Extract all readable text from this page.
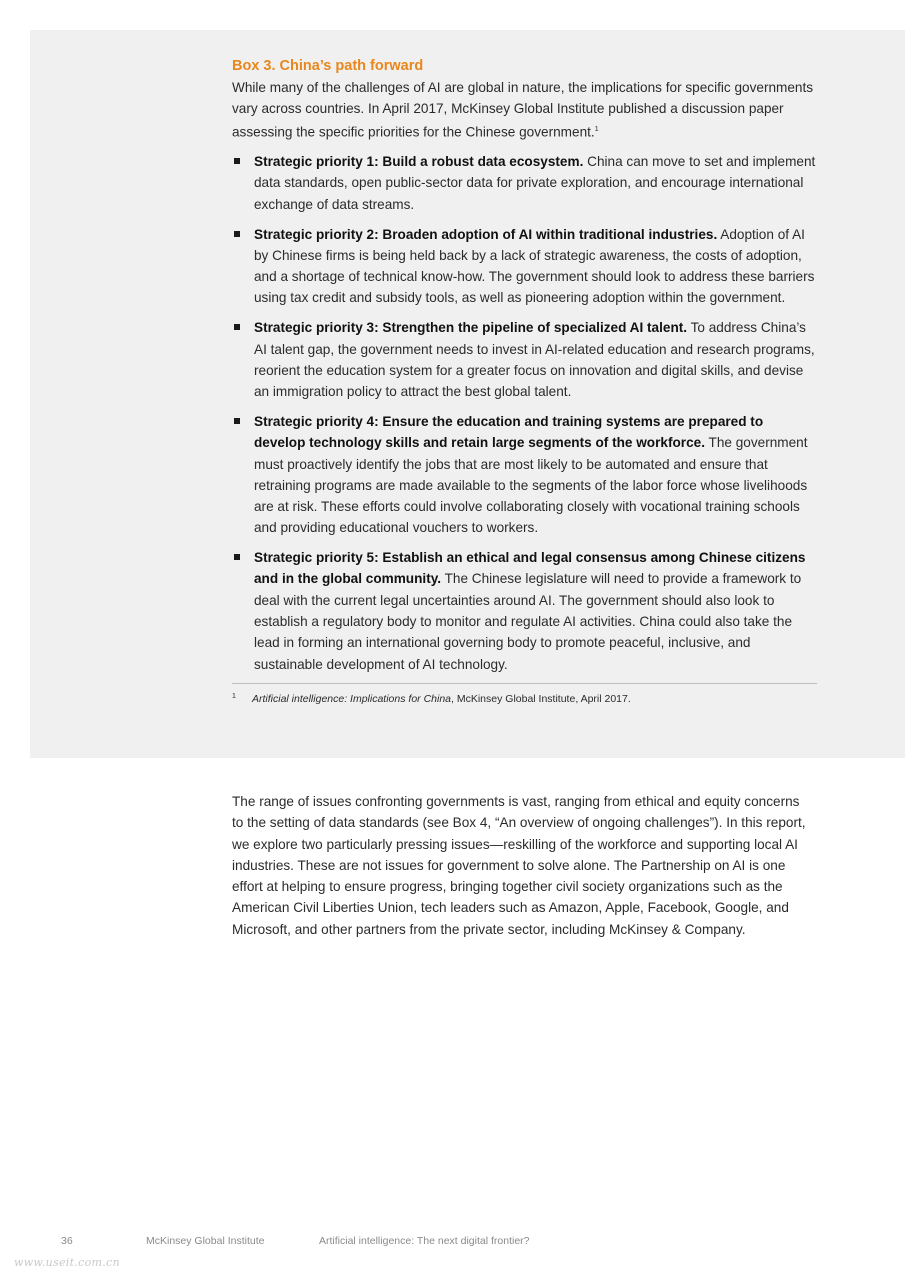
Box 3. China’s path forward

While many of the challenges of AI are global in nature, the implications for specific governments vary across countries. In April 2017, McKinsey Global Institute published a discussion paper assessing the specific priorities for the Chinese government.$^1$

Strategic priority 1: Build a robust data ecosystem. China can move to set and implement data standards, open public-sector data for private exploration, and encourage international exchange of data streams.
Strategic priority 2: Broaden adoption of AI within traditional industries. Adoption of AI by Chinese firms is being held back by a lack of strategic awareness, the costs of adoption, and a shortage of technical know-how. The government should look to address these barriers using tax credit and subsidy tools, as well as pioneering adoption within the government.
Strategic priority 3: Strengthen the pipeline of specialized AI talent. To address China’s AI talent gap, the government needs to invest in AI-related education and research programs, reorient the education system for a greater focus on innovation and digital skills, and devise an immigration policy to attract the best global talent.
Strategic priority 4: Ensure the education and training systems are prepared to develop technology skills and retain large segments of the workforce. The government must proactively identify the jobs that are most likely to be automated and ensure that retraining programs are made available to the segments of the labor force whose livelihoods are at risk. These efforts could involve collaborating closely with vocational training schools and providing educational vouchers to workers.
Strategic priority 5: Establish an ethical and legal consensus among Chinese citizens and in the global community. The Chinese legislature will need to provide a framework to deal with the current legal uncertainties around AI. The government should also look to establish a regulatory body to monitor and regulate AI activities. China could also take the lead in forming an international governing body to promote peaceful, inclusive, and sustainable development of AI technology.
1 Artificial intelligence: Implications for China, McKinsey Global Institute, April 2017.

The range of issues confronting governments is vast, ranging from ethical and equity concerns to the setting of data standards (see Box 4, “An overview of ongoing challenges”). In this report, we explore two particularly pressing issues—reskilling of the workforce and supporting local AI industries. These are not issues for government to solve alone. The Partnership on AI is one effort at helping to ensure progress, bringing together civil society organizations such as the American Civil Liberties Union, tech leaders such as Amazon, Apple, Facebook, Google, and Microsoft, and other partners from the private sector, including McKinsey & Company.

36	McKinsey Global Institute	Artificial intelligence: The next digital frontier?
www.useit.com.cn
